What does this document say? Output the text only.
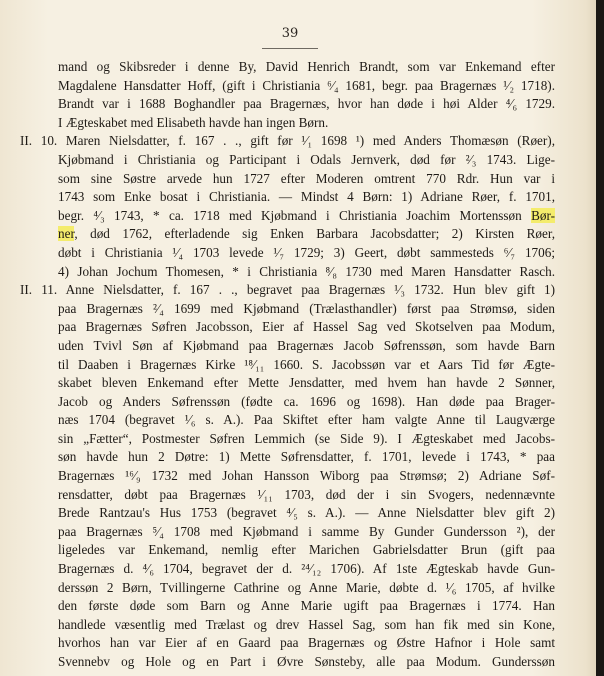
39
mand og Skibsreder i denne By, David Henrich Brandt, som var Enkemand efter
Magdalene Hansdatter Hoff, (gift i Christiania ⁶⁄₄ 1681, begr. paa Bragernæs ¹⁄₂ 1718).
Brandt var i 1688 Boghandler paa Bragernæs, hvor han døde i høi Alder ⁴⁄₆ 1729.
I Ægteskabet med Elisabeth havde han ingen Børn.
II. 10. Maren Nielsdatter, f. 167 . ., gift før ¹⁄₁ 1698 ¹) med Anders Thomæsøn (Røer),
Kjøbmand i Christiania og Participant i Odals Jernverk, død før ²⁄₃ 1743. Lige-
som sine Søstre arvede hun 1727 efter Moderen omtrent 770 Rdr. Hun var i
1743 som Enke bosat i Christiania. — Mindst 4 Børn: 1) Adriane Røer, f. 1701,
begr. ⁴⁄₃ 1743, * ca. 1718 med Kjøbmand i Christiania Joachim Mortenssøn Bør-
ner, død 1762, efterladende sig Enken Barbara Jacobsdatter; 2) Kirsten Røer,
døbt i Christiania ¹⁄₄ 1703 levede ¹⁄₇ 1729; 3) Geert, døbt sammesteds ⁶⁄₇ 1706;
4) Johan Jochum Thomesen, * i Christiania ⁸⁄₈ 1730 med Maren Hansdatter Rasch.
II. 11. Anne Nielsdatter, f. 167 . ., begravet paa Bragernæs ¹⁄₃ 1732. Hun blev gift 1)
paa Bragernæs ²⁄₄ 1699 med Kjøbmand (Trælasthandler) først paa Strømsø, siden
paa Bragernæs Søfren Jacobsson, Eier af Hassel Sag ved Skotselven paa Modum,
uden Tvivl Søn af Kjøbmand paa Bragernæs Jacob Søfrenssøn, som havde Barn
til Daaben i Bragernæs Kirke ¹⁸⁄₁₁ 1660. S. Jacobssøn var et Aars Tid før Ægte-
skabet bleven Enkemand efter Mette Jensdatter, med hvem han havde 2 Sønner,
Jacob og Anders Søfrenssøn (fødte ca. 1696 og 1698). Han døde paa Brager-
næs 1704 (begravet ¹⁄₆ s. A.). Paa Skiftet efter ham valgte Anne til Laugværge
sin „Fætter“, Postmester Søfren Lemmich (se Side 9). I Ægteskabet med Jacobs-
søn havde hun 2 Døtre: 1) Mette Søfrensdatter, f. 1701, levede i 1743, * paa
Bragernæs ¹⁶⁄₉ 1732 med Johan Hansson Wiborg paa Strømsø; 2) Adriane Søf-
rensdatter, døbt paa Bragernæs ¹⁄₁₁ 1703, død der i sin Svogers, nedennævnte
Brede Rantzau's Hus 1753 (begravet ⁴⁄₅ s. A.). — Anne Nielsdatter blev gift 2)
paa Bragernæs ⁵⁄₄ 1708 med Kjøbmand i samme By Gunder Gundersson ²), der
ligeledes var Enkemand, nemlig efter Marichen Gabrielsdatter Brun (gift paa
Bragernæs d. ⁴⁄₆ 1704, begravet der d. ²⁴⁄₁₂ 1706). Af 1ste Ægteskab havde Gun-
derssøn 2 Børn, Tvillingerne Cathrine og Anne Marie, døbte d. ¹⁄₆ 1705, af hvilke
den første døde som Barn og Anne Marie ugift paa Bragernæs i 1774. Han
handlede væsentlig med Trælast og drev Hassel Sag, som han fik med sin Kone,
hvorhos han var Eier af en Gaard paa Bragernæs og Østre Hafnor i Hole samt
Svennebv og Hole og en Part i Øvre Sønsteby, alle paa Modum. Gunderssøn
